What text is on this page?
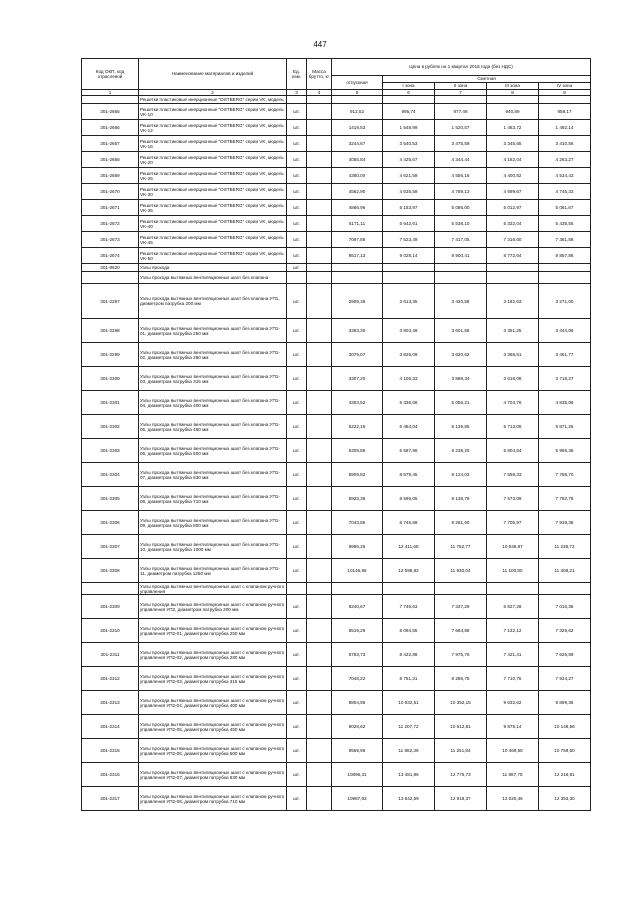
447
Код ОКП, код отраслевой	Наименование материалов и изделий	Ед. изм.	Масса брутто, кг	Цена в рублях на 1 квартал 2016 года (без НДС)				
				отпускная	Сметная			
					I зона	II зона	III зона	IV зона
1	2	3	4	5	6	7	8	9
	Решетки пластиковые инерционные "OSTBERG" серии VK, модель							
301-2665	Решетки пластиковые инерционные "OSTBERG" серии VK, модель VK-10	шт.		912,52	995,74	977,46	940,89	959,17
301-2666	Решетки пластиковые инерционные "OSTBERG" серии VK, модель VK-12	шт.		1419,53	1 548,99	1 520,57	1 463,72	1 492,14
301-2667	Решетки пластиковые инерционные "OSTBERG" серии VK, модель VK-16	шт.		3244,67	3 540,53	3 475,59	3 345,65	3 410,56
301-2668	Решетки пластиковые инерционные "OSTBERG" серии VK, модель VK-20	шт.		4055,84	4 425,67	4 344,44	4 182,04	4 263,27
301-2669	Решетки пластиковые инерционные "OSTBERG" серии VK, модель VK-25	шт.		4360,00	4 621,59	4 556,16	4 400,82	4 534,43
301-2670	Решетки пластиковые инерционные "OSTBERG" серии VK, модель VK-30	шт.		4562,90	4 635,59	4 769,13	4 699,67	4 745,33
301-2671	Решетки пластиковые инерционные "OSTBERG" серии VK, модель VK-35	шт.		4866,96	5 153,97	5 086,00	5 012,97	5 061,67
301-2672	Решетки пластиковые инерционные "OSTBERG" серии VK, модель VK-40	шт.		5171,11	5 642,61	5 538,10	5 332,04	5 435,55
301-2673	Решетки пластиковые инерционные "OSTBERG" серии VK, модель VK-45	шт.		7097,86	7 523,49	7 417,05	7 316,60	7 381,58
301-2674	Решетки пластиковые инерционные "OSTBERG" серии VK, модель VK-50	шт.		8517,13	9 028,14	8 900,41	8 772,64	8 857,86
301-9620	Узлы прохода	шт.						
	Узлы прохода вытяжных вентиляционных шахт без клапана							
301-2297	Узлы прохода вытяжных вентиляционных шахт без клапана УП1, диаметром патрубка 200 мм	шт.		2909,36	3 613,35	3 420,58	3 182,63	3 271,00
301-2298	Узлы прохода вытяжных вентиляционных шахт без клапана УП1-01, диаметром патрубка 250 мм	шт.		3363,30	3 803,49	3 601,58	3 351,25	3 444,06
301-2299	Узлы прохода вытяжных вентиляционных шахт без клапана УП1-02, диаметром патрубка 280 мм	шт.		3079,07	3 825,09	3 620,62	3 368,51	3 461,77
301-2300	Узлы прохода вытяжных вентиляционных шахт без клапана УП1-03, диаметром патрубка 315 мм	шт.		3307,20	4 106,33	3 888,34	3 618,08	3 718,27
301-2301	Узлы прохода вытяжных вентиляционных шахт без клапана УП1-04, диаметром патрубка 400 мм	шт.		4303,52	5 336,68	5 056,21	4 704,76	4 835,06
301-2302	Узлы прохода вытяжных вентиляционных шахт без клапана УП1-05, диаметром патрубка 450 мм	шт.		5222,15	6 484,04	6 139,85	5 713,06	5 871,25
301-2303	Узлы прохода вытяжных вентиляционных шахт без клапана УП1-06, диаметром патрубка 500 мм	шт.		5305,88	6 587,96	6 238,20	5 804,64	5 965,36
301-2304	Узлы прохода вытяжных вентиляционных шахт без клапана УП1-07, диаметром патрубка 630 мм	шт.		6909,82	8 579,45	8 124,03	7 559,33	7 768,70
301-2305	Узлы прохода вытяжных вентиляционных шахт без клапана УП1-08, диаметром патрубка 710 мм	шт.		6923,38	8 595,05	8 138,79	7 573,09	7 782,78
301-2306	Узлы прохода вытяжных вентиляционных шахт без клапана УП1-09, диаметром патрубка 800 мм	шт.		7043,85	8 745,89	8 281,60	7 705,97	7 919,38
301-2307	Узлы прохода вытяжных вентиляционных шахт без клапана УП1-10, диаметром патрубка 1000 мм	шт.		9996,25	12 411,68	11 752,77	10 936,87	11 238,72
301-2308	Узлы прохода вытяжных вентиляционных шахт без клапана УП1-11, диаметром патрубка 1250 мм	шт.		10146,96	12 598,82	11 930,04	11 100,80	11 408,21
	Узлы прохода вытяжных вентиляционных шахт с клапаном ручного управления							
301-2309	Узлы прохода вытяжных вентиляционных шахт с клапаном ручного управления УП2, диаметром патрубка 200 мм	шт.		6240,67	7 746,63	7 337,29	6 827,28	7 016,38
301-2310	Узлы прохода вытяжных вентиляционных шахт с клапаном ручного управления УП2-01, диаметром патрубка 250 мм	шт.		6519,29	8 094,55	7 664,88	7 132,12	7 329,62
301-2311	Узлы прохода вытяжных вентиляционных шахт с клапаном ручного управления УП2-02, диаметром патрубка 280 мм	шт.		6783,73	8 422,88	7 975,76	7 421,41	7 626,89
301-2312	Узлы прохода вытяжных вентиляционных шахт с клапаном ручного управления УП2-03, диаметром патрубка 315 мм	шт.		7048,22	8 751,31	8 286,75	7 710,75	7 924,27
301-2313	Узлы прохода вытяжных вентиляционных шахт с клапаном ручного управления УП2-04, диаметром патрубка 400 мм	шт.		8804,95	10 932,51	10 352,15	9 632,62	9 899,36
301-2314	Узлы прохода вытяжных вентиляционных шахт с клапаном ручного управления УП2-05, диаметром патрубка 450 мм	шт.		9028,62	11 207,72	10 612,81	9 875,14	10 148,56
301-2315	Узлы прохода вытяжных вентиляционных шахт с клапаном ручного управления УП2-06, диаметром патрубка 500 мм	шт.		9569,96	11 882,39	11 251,84	10 469,58	10 759,50
301-2316	Узлы прохода вытяжных вентиляционных шахт с клапаном ручного управления УП2-07, диаметром патрубка 630 мм	шт.		10896,31	13 481,96	12 775,73	11 887,75	12 216,91
301-2317	Узлы прохода вытяжных вентиляционных шахт с клапаном ручного управления УП2-08, диаметром патрубка 710 мм	шт.		10987,63	13 642,59	12 918,37	12 020,46	12 353,30
